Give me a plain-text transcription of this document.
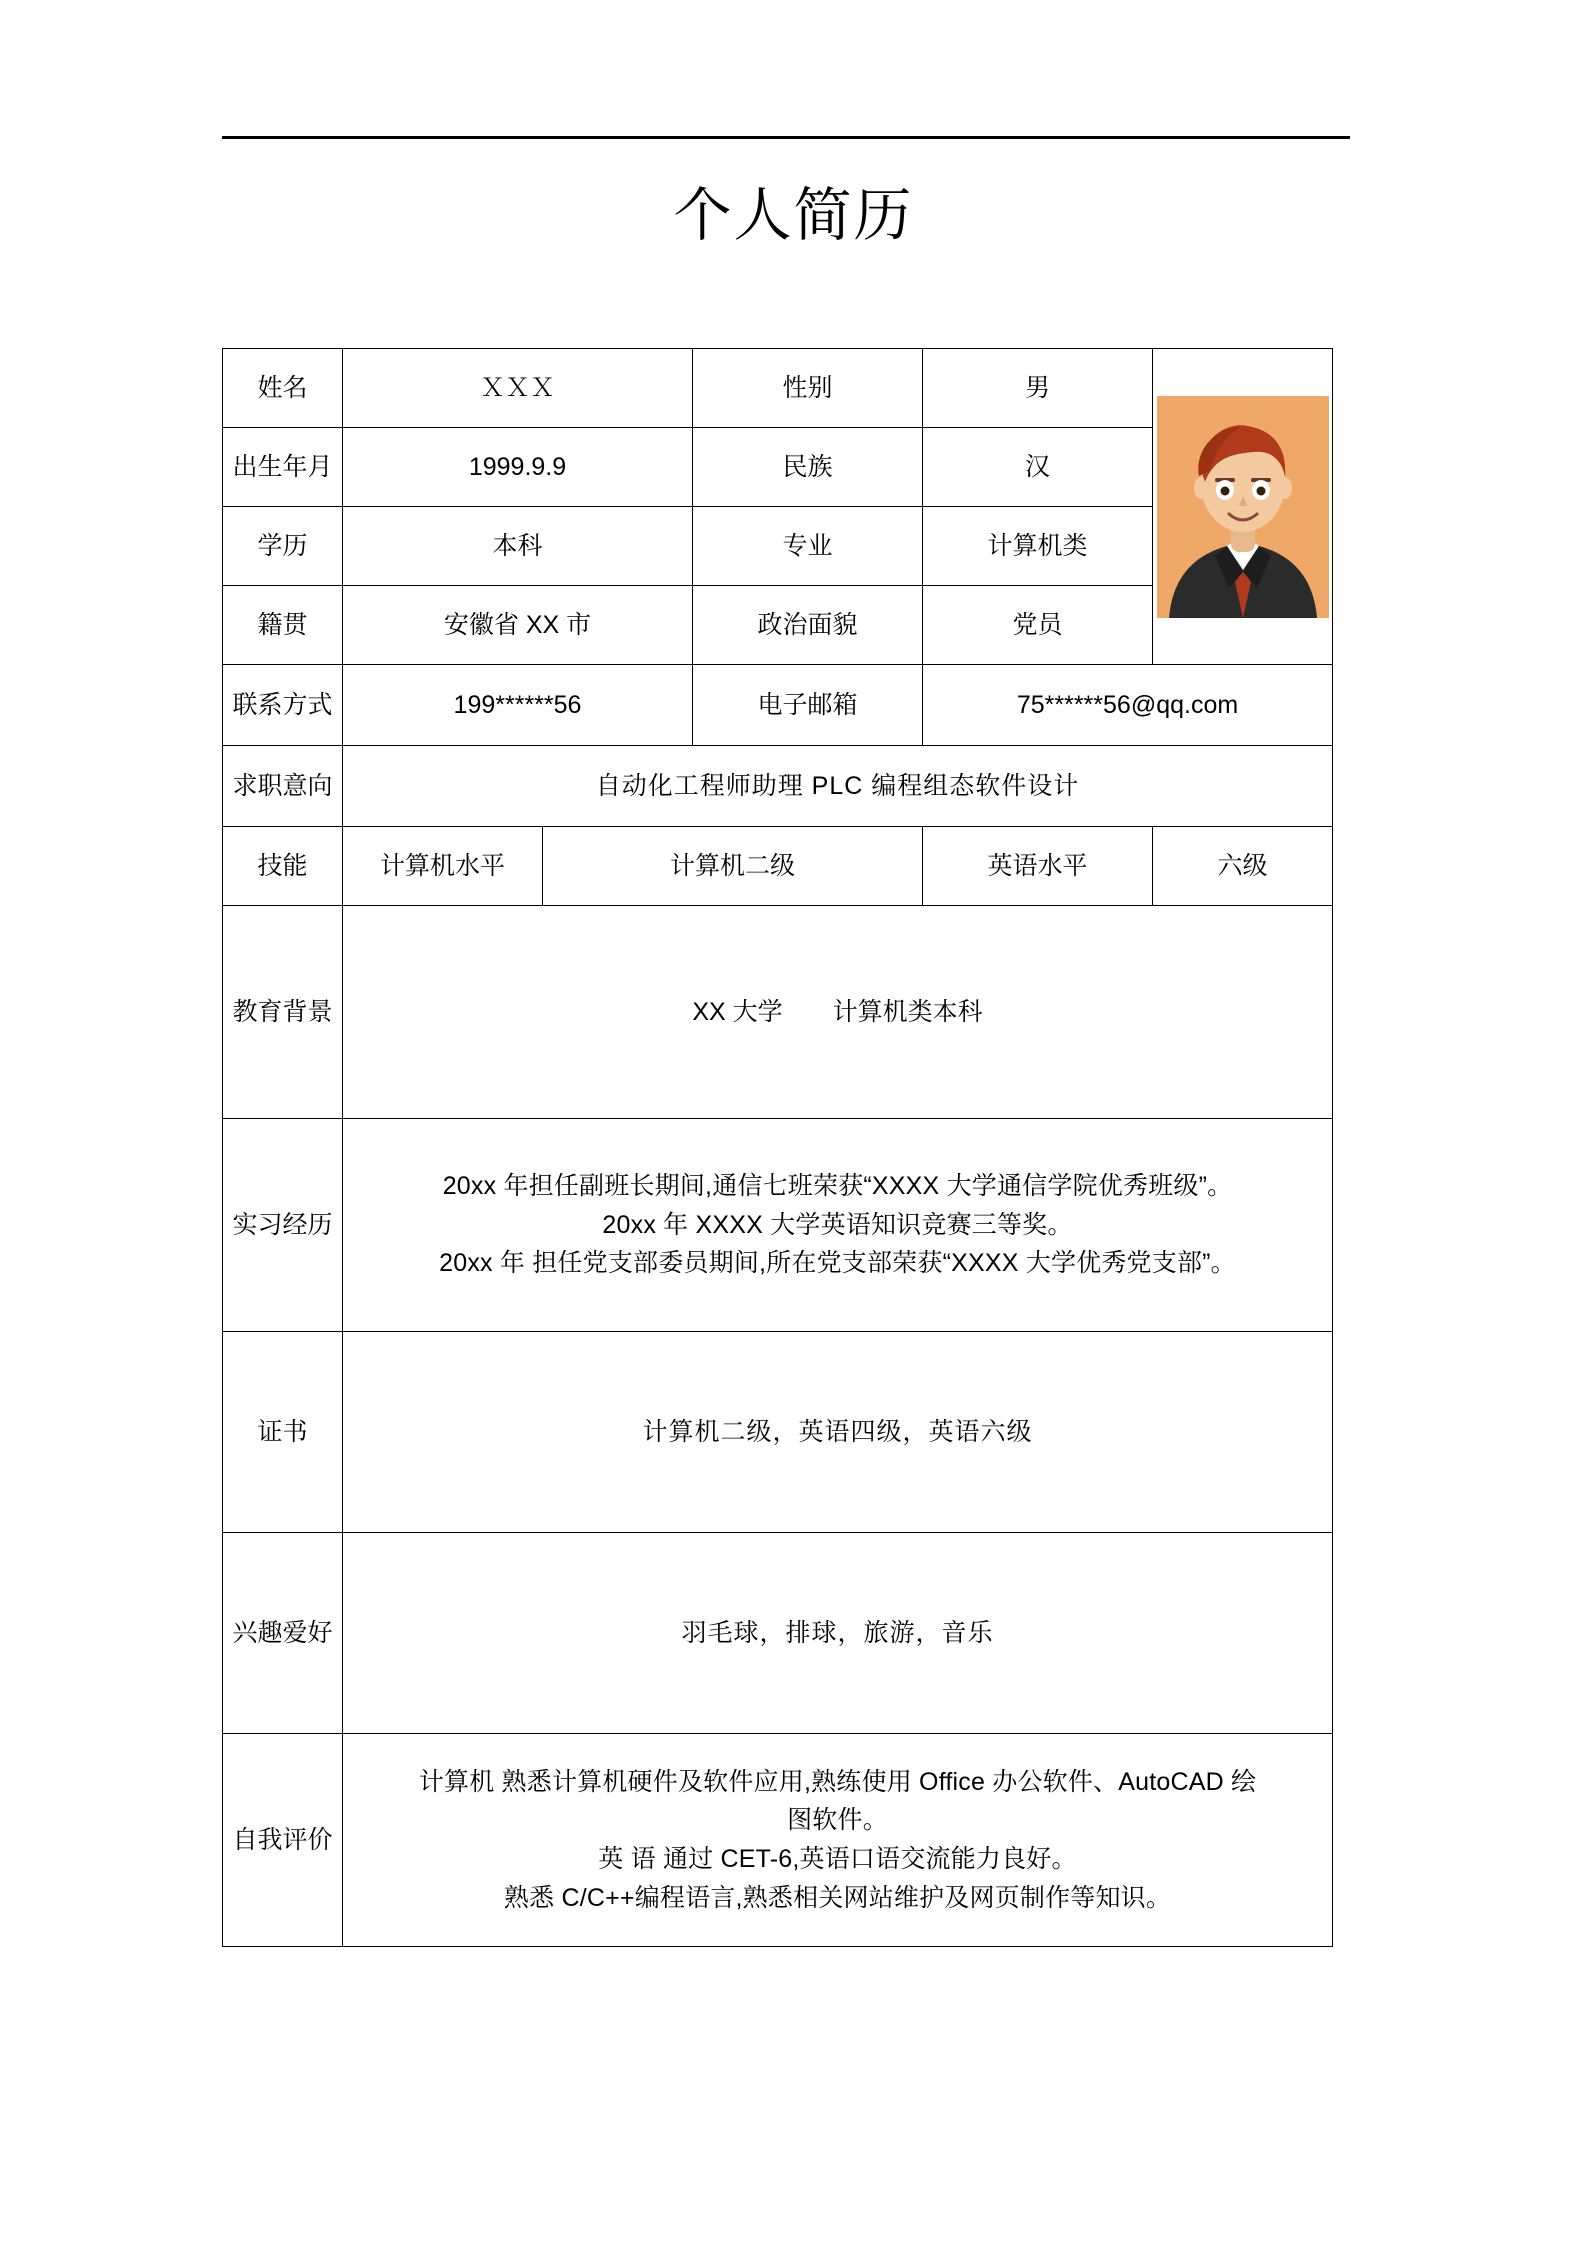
个人简历
姓名	ＸＸＸ		性别	男	

出生年月	1999.9.9		民族	汉	
学历	本科		专业	计算机类	
籍贯	安徽省 XX 市		政治面貌	党员	
联系方式	199******56		电子邮箱	75******56@qq.com	
求职意向	自动化工程师助理 PLC 编程组态软件设计				
技能	计算机水平	计算机二级		英语水平	六级
教育背景	XX 大学　　计算机类本科				
实习经历	20xx 年担任副班长期间,通信七班荣获“XXXX 大学通信学院优秀班级”。
20xx 年 XXXX 大学英语知识竞赛三等奖。
20xx 年 担任党支部委员期间,所在党支部荣获“XXXX 大学优秀党支部”。				

证书	计算机二级，英语四级，英语六级				
兴趣爱好	羽毛球，排球，旅游，音乐				
自我评价	计算机 熟悉计算机硬件及软件应用,熟练使用 Office 办公软件、AutoCAD 绘
图软件。
英 语 通过 CET-6,英语口语交流能力良好。
熟悉 C/C++编程语言,熟悉相关网站维护及网页制作等知识。				
